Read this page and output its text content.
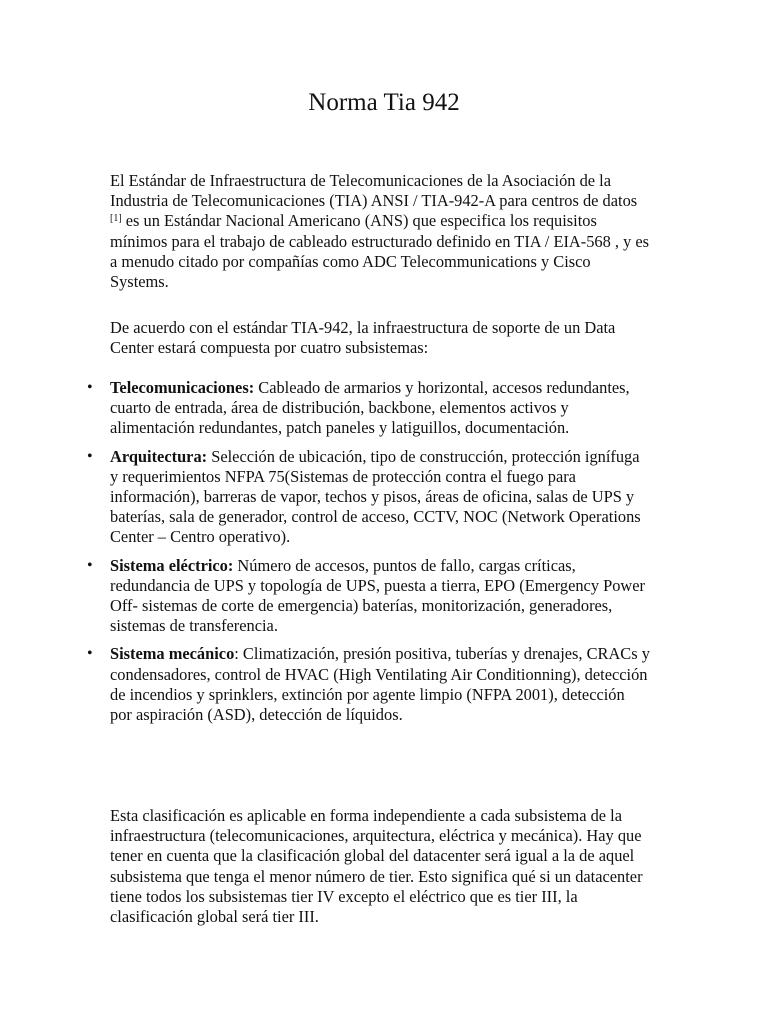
Norma Tia 942

El Estándar de Infraestructura de Telecomunicaciones de la Asociación de la Industria de Telecomunicaciones (TIA) ANSI / TIA-942-A para centros de datos [1] es un Estándar Nacional Americano (ANS) que especifica los requisitos mínimos para el trabajo de cableado estructurado definido en TIA / EIA-568 , y es a menudo citado por compañías como ADC Telecommunications y Cisco Systems.

De acuerdo con el estándar TIA-942, la infraestructura de soporte de un Data Center estará compuesta por cuatro subsistemas:

• Telecomunicaciones: Cableado de armarios y horizontal, accesos redundantes, cuarto de entrada, área de distribución, backbone, elementos activos y alimentación redundantes, patch paneles y latiguillos, documentación.
• Arquitectura: Selección de ubicación, tipo de construcción, protección ignífuga y requerimientos NFPA 75(Sistemas de protección contra el fuego para información), barreras de vapor, techos y pisos, áreas de oficina, salas de UPS y baterías, sala de generador, control de acceso, CCTV, NOC (Network Operations Center – Centro operativo).
• Sistema eléctrico: Número de accesos, puntos de fallo, cargas críticas, redundancia de UPS y topología de UPS, puesta a tierra, EPO (Emergency Power Off- sistemas de corte de emergencia) baterías, monitorización, generadores, sistemas de transferencia.
• Sistema mecánico: Climatización, presión positiva, tuberías y drenajes, CRACs y condensadores, control de HVAC (High Ventilating Air Conditionning), detección de incendios y sprinklers, extinción por agente limpio (NFPA 2001), detección por aspiración (ASD), detección de líquidos.

Esta clasificación es aplicable en forma independiente a cada subsistema de la infraestructura (telecomunicaciones, arquitectura, eléctrica y mecánica). Hay que tener en cuenta que la clasificación global del datacenter será igual a la de aquel subsistema que tenga el menor número de tier. Esto significa qué si un datacenter tiene todos los subsistemas tier IV excepto el eléctrico que es tier III, la clasificación global será tier III.
